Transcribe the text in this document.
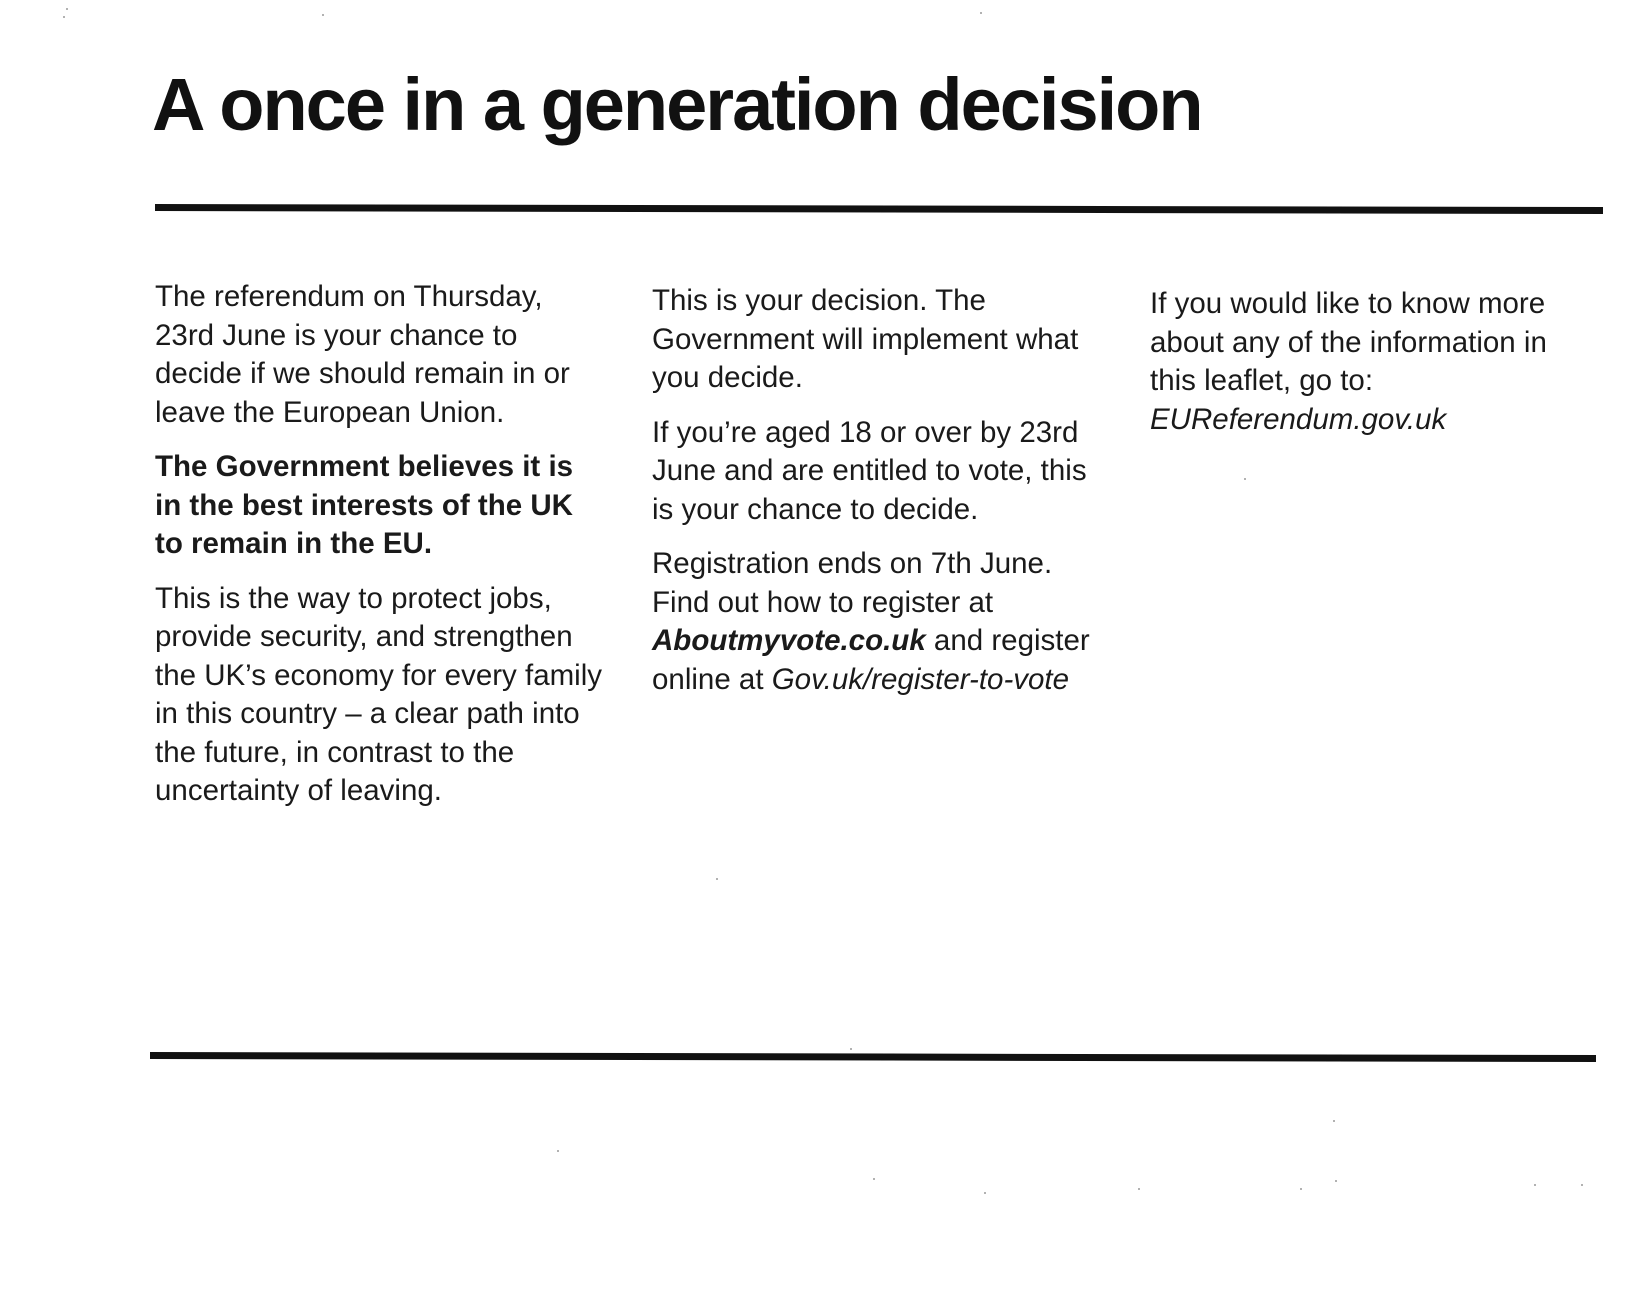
A once in a generation decision

The referendum on Thursday, 23rd June is your chance to decide if we should remain in or leave the European Union.

The Government believes it is in the best interests of the UK to remain in the EU.

This is the way to protect jobs, provide security, and strengthen the UK’s economy for every family in this country – a clear path into the future, in contrast to the uncertainty of leaving.

This is your decision. The Government will implement what you decide.

If you’re aged 18 or over by 23rd June and are entitled to vote, this is your chance to decide.

Registration ends on 7th June. Find out how to register at Aboutmyvote.co.uk and register online at Gov.uk/register-to-vote

If you would like to know more about any of the information in this leaflet, go to: EUReferendum.gov.uk
